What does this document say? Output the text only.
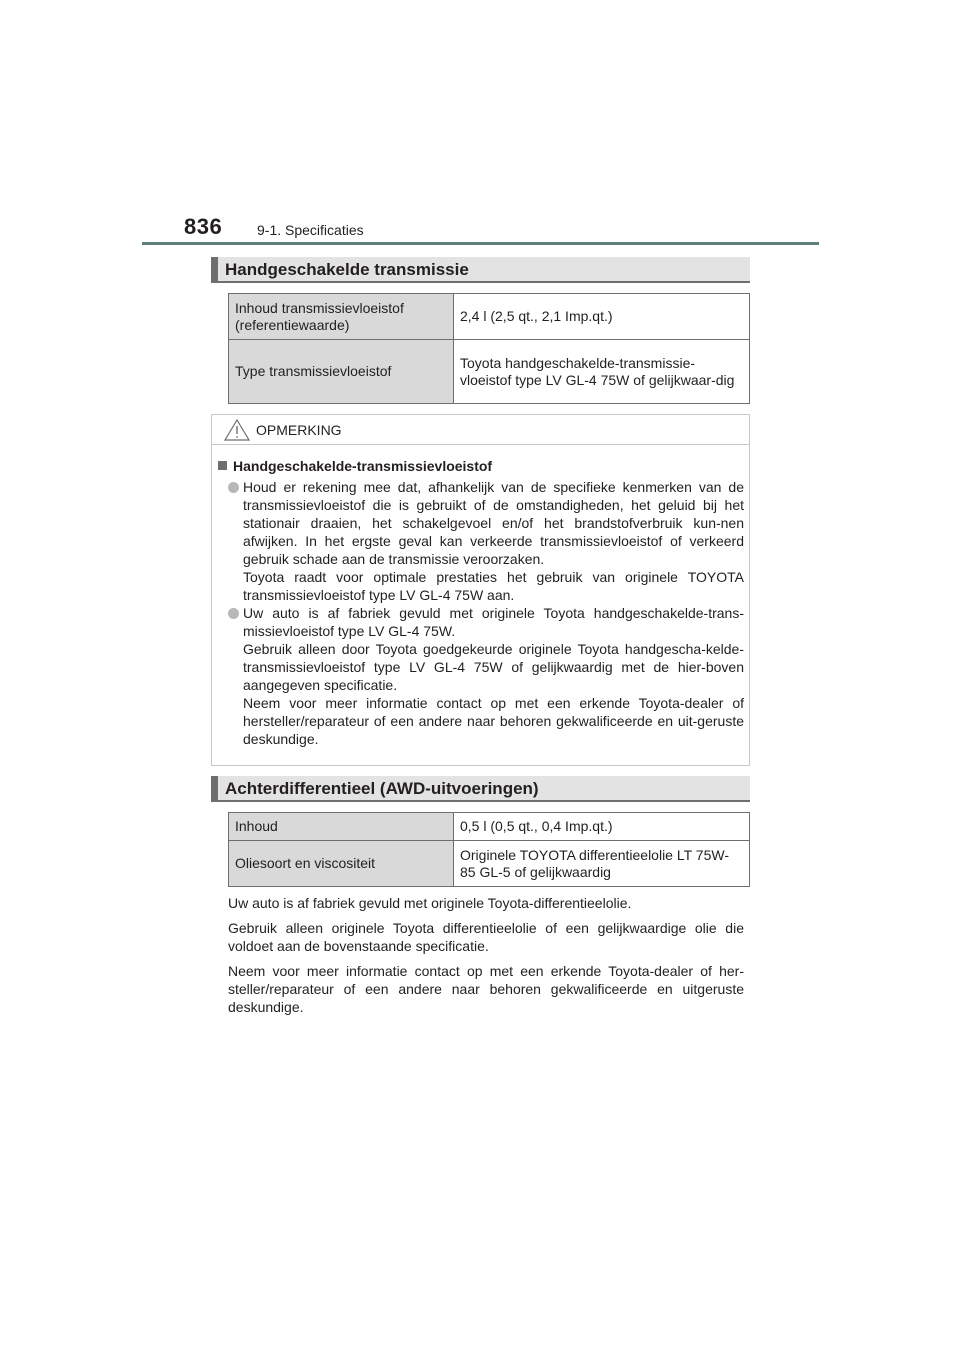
836 9-1. Specificaties
Handgeschakelde transmissie
Inhoud transmissievloeistof (referentiewaarde)	2,4 l (2,5 qt., 2,1 Imp.qt.)
Type transmissievloeistof	Toyota handgeschakelde-transmissie-vloeistof type LV GL-4 75W of gelijkwaar-dig
OPMERKING
Handgeschakelde-transmissievloeistof

Houd er rekening mee dat, afhankelijk van de specifieke kenmerken van de transmissievloeistof die is gebruikt of de omstandigheden, het geluid bij het stationair draaien, het schakelgevoel en/of het brandstofverbruik kun-nen afwijken. In het ergste geval kan verkeerde transmissievloeistof of verkeerd gebruik schade aan de transmissie veroorzaken.

Toyota raadt voor optimale prestaties het gebruik van originele TOYOTA transmissievloeistof type LV GL-4 75W aan.

Uw auto is af fabriek gevuld met originele Toyota handgeschakelde-trans-missievloeistof type LV GL-4 75W.

Gebruik alleen door Toyota goedgekeurde originele Toyota handgescha-kelde-transmissievloeistof type LV GL-4 75W of gelijkwaardig met de hier-boven aangegeven specificatie.

Neem voor meer informatie contact op met een erkende Toyota-dealer of hersteller/reparateur of een andere naar behoren gekwalificeerde en uit-geruste deskundige.

Achterdifferentieel (AWD-uitvoeringen)
Inhoud	0,5 l (0,5 qt., 0,4 Imp.qt.)
Oliesoort en viscositeit	Originele TOYOTA differentieelolie LT 75W-85 GL-5 of gelijkwaardig

Uw auto is af fabriek gevuld met originele Toyota-differentieelolie.

Gebruik alleen originele Toyota differentieelolie of een gelijkwaardige olie die voldoet aan de bovenstaande specificatie.

Neem voor meer informatie contact op met een erkende Toyota-dealer of her-steller/reparateur of een andere naar behoren gekwalificeerde en uitgeruste deskundige.
